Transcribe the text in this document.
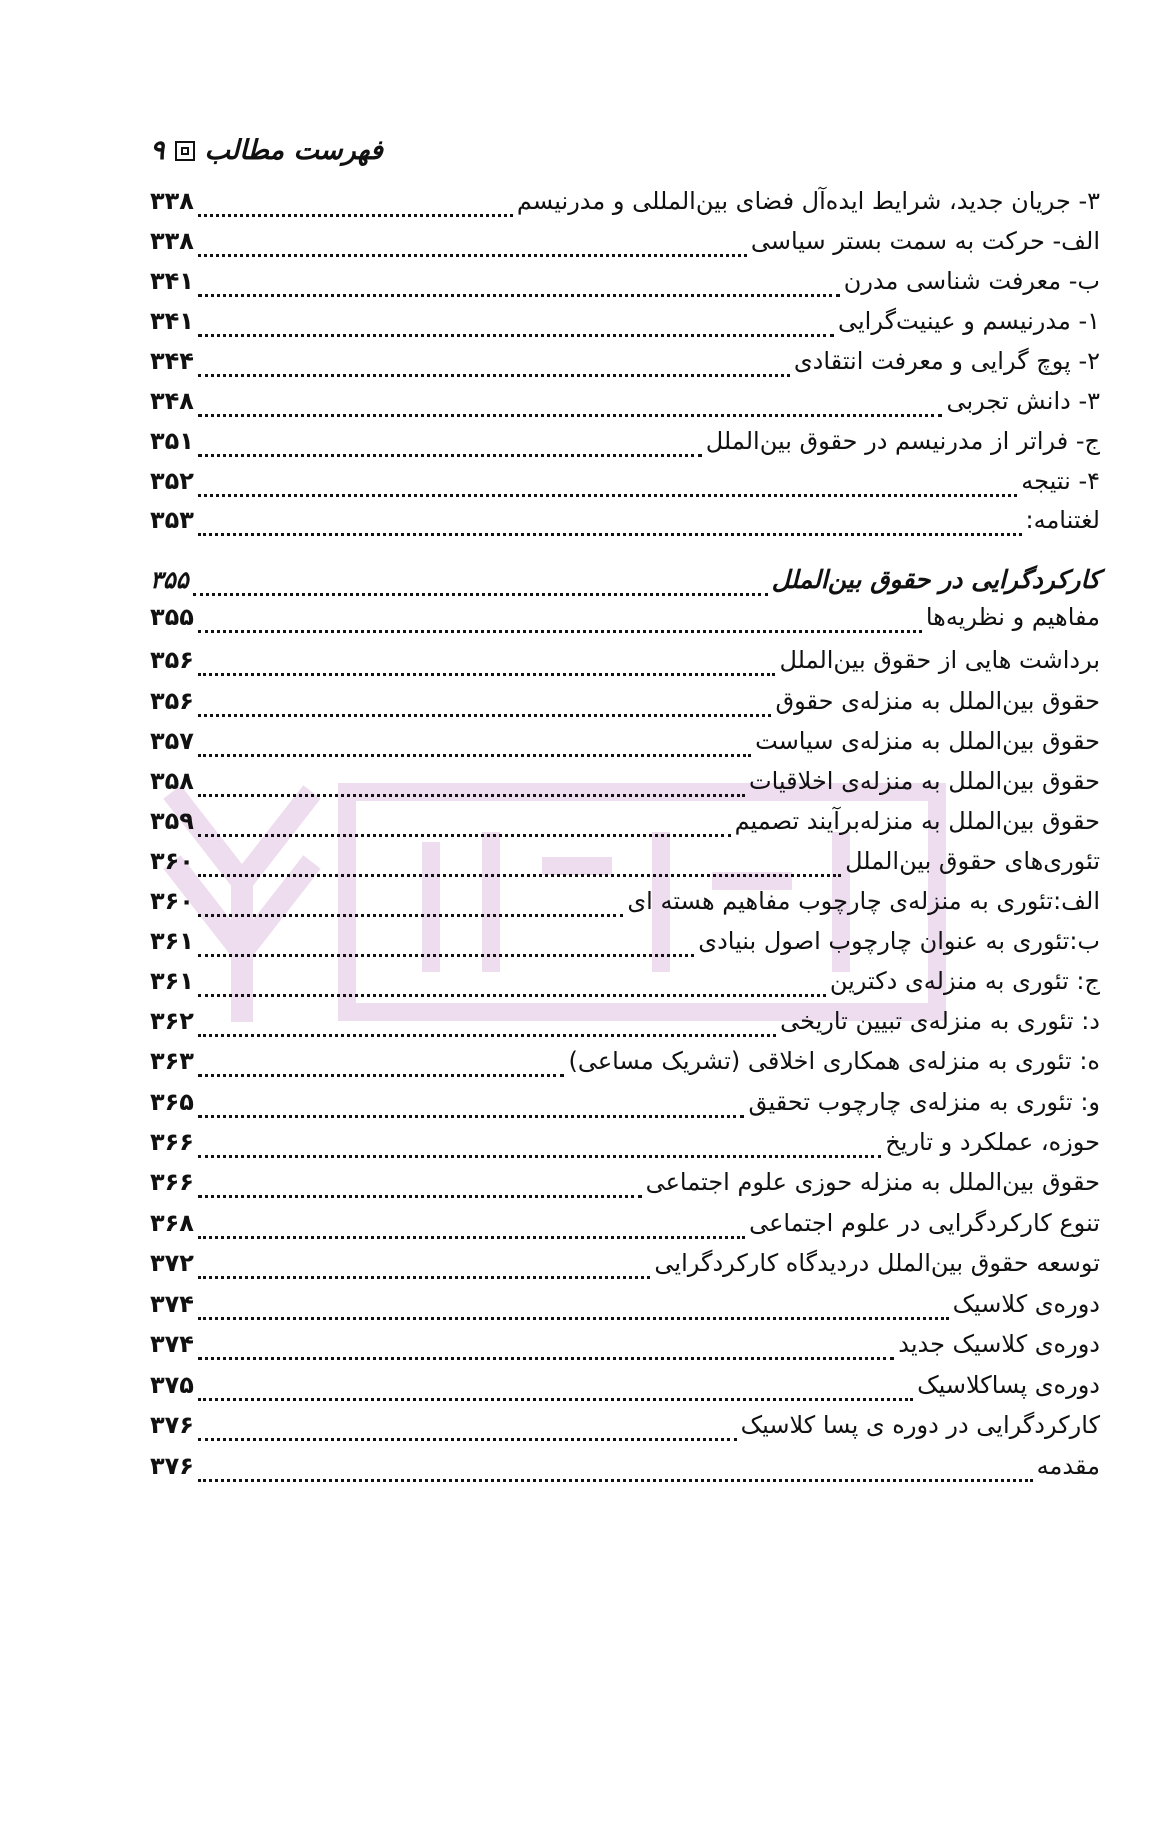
فهرست مطالب
۹
۳- جریان جدید، شرایط ایده‌آل فضای بین‌المللی و مدرنیسم
۳۳۸
الف- حرکت به سمت بستر سیاسی
۳۳۸
ب- معرفت شناسی مدرن
۳۴۱
۱- مدرنیسم و عینیت‌گرایی
۳۴۱
۲- پوچ گرایی و معرفت انتقادی
۳۴۴
۳- دانش تجربی
۳۴۸
ج- فراتر از مدرنیسم در حقوق بین‌الملل
۳۵۱
۴- نتیجه
۳۵۲
لغتنامه:
۳۵۳
کارکردگرایی در حقوق بین‌الملل
۳۵۵
مفاهیم و نظریه‌ها
۳۵۵
برداشت هایی از حقوق بین‌الملل
۳۵۶
حقوق بین‌الملل به منزله‌ی حقوق
۳۵۶
حقوق بین‌الملل به منزله‌ی سیاست
۳۵۷
حقوق بین‌الملل به منزله‌ی اخلاقیات
۳۵۸
حقوق بین‌الملل به منزله‌برآیند تصمیم
۳۵۹
تئوری‌های حقوق بین‌الملل
۳۶۰
الف:تئوری به منزله‌ی چارچوب مفاهیم هسته ای
۳۶۰
ب:تئوری به عنوان چارچوب اصول بنیادی
۳۶۱
ج: تئوری به منزله‌ی دکترین
۳۶۱
د: تئوری به منزله‌ی تبیین تاریخی
۳۶۲
ه: تئوری به منزله‌ی همکاری اخلاقی (تشریک مساعی)
۳۶۳
و: تئوری به منزله‌ی چارچوب تحقیق
۳۶۵
حوزه، عملکرد و تاریخ
۳۶۶
حقوق بین‌الملل به منزله حوزی علوم اجتماعی
۳۶۶
تنوع کارکردگرایی در علوم اجتماعی
۳۶۸
توسعه حقوق بین‌الملل دردیدگاه کارکردگرایی
۳۷۲
دوره‌ی کلاسیک
۳۷۴
دوره‌ی کلاسیک جدید
۳۷۴
دوره‌ی پساکلاسیک
۳۷۵
کارکردگرایی در دوره ی پسا کلاسیک
۳۷۶
مقدمه
۳۷۶
